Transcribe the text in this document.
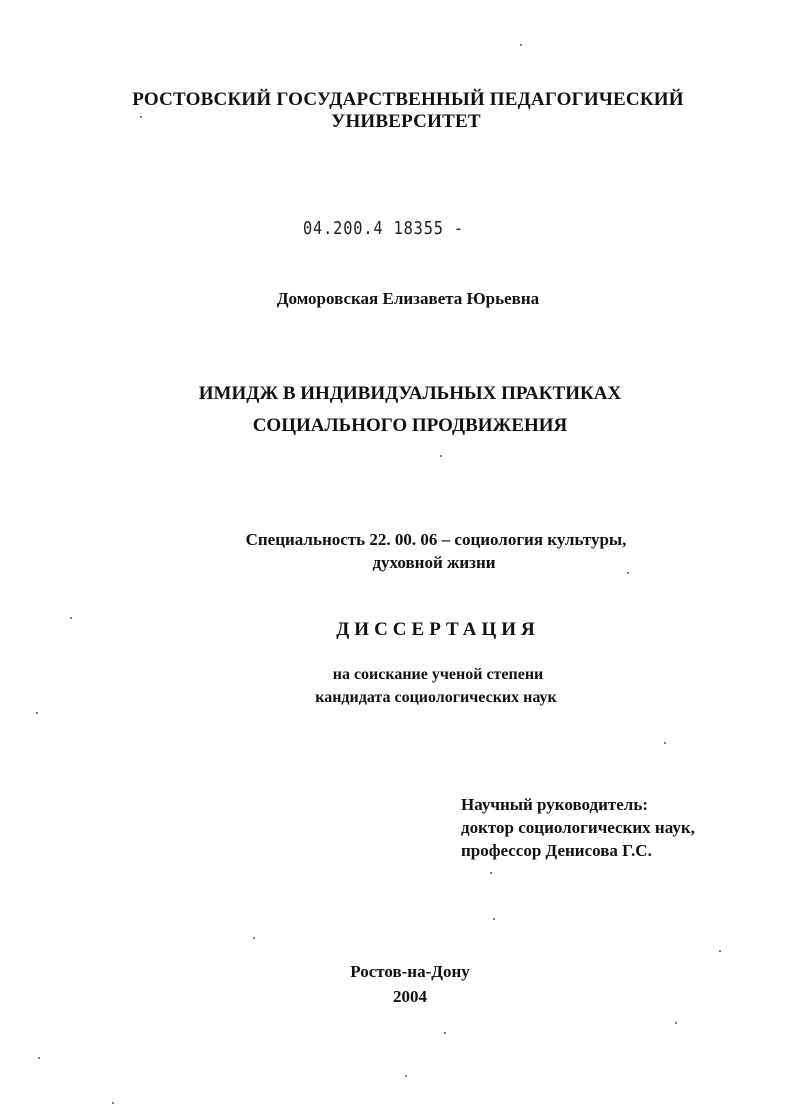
РОСТОВСКИЙ ГОСУДАРСТВЕННЫЙ ПЕДАГОГИЧЕСКИЙ
УНИВЕРСИТЕТ
04.200.4 18355 -
Доморовская Елизавета Юрьевна
ИМИДЖ В ИНДИВИДУАЛЬНЫХ ПРАКТИКАХ
СОЦИАЛЬНОГО ПРОДВИЖЕНИЯ
Специальность 22. 00. 06 – социология культуры,
духовной жизни
ДИССЕРТАЦИЯ
на соискание ученой степени
кандидата социологических наук
Научный руководитель:
доктор социологических наук,
профессор Денисова Г.С.
Ростов-на-Дону
2004
